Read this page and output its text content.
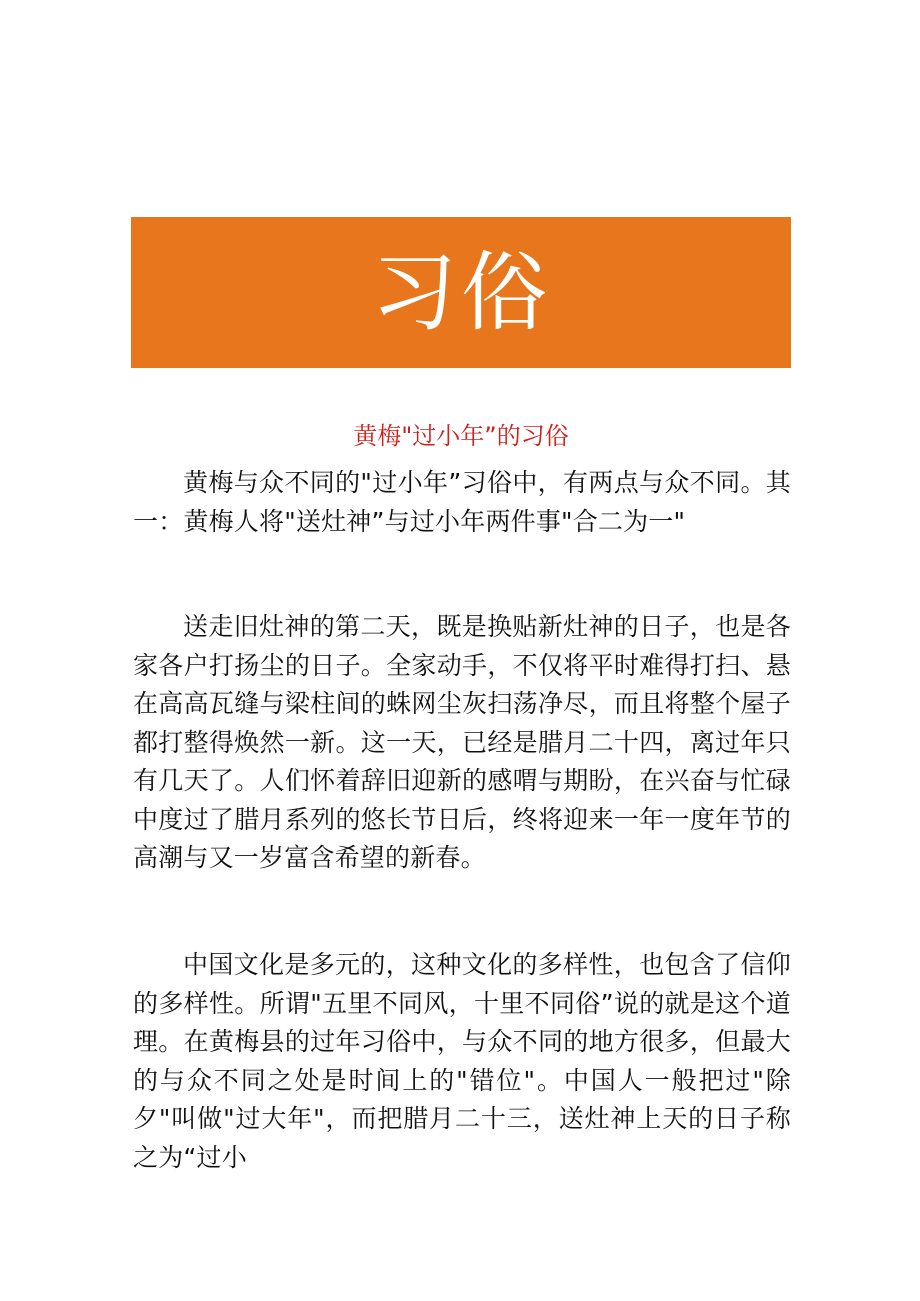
习俗
黄梅"过小年”的习俗

黄梅与众不同的"过小年”习俗中，有两点与众不同。其一：黄梅人将"送灶神”与过小年两件事"合二为一"

送走旧灶神的第二天，既是换贴新灶神的日子，也是各家各户打扬尘的日子。全家动手，不仅将平时难得打扫、悬在高高瓦缝与梁柱间的蛛网尘灰扫荡净尽，而且将整个屋子都打整得焕然一新。这一天，已经是腊月二十四，离过年只有几天了。人们怀着辞旧迎新的感喟与期盼，在兴奋与忙碌中度过了腊月系列的悠长节日后，终将迎来一年一度年节的高潮与又一岁富含希望的新春。

中国文化是多元的，这种文化的多样性，也包含了信仰的多样性。所谓"五里不同风，十里不同俗”说的就是这个道理。在黄梅县的过年习俗中，与众不同的地方很多，但最大的与众不同之处是时间上的"错位"。中国人一般把过"除夕"叫做"过大年"，而把腊月二十三，送灶神上天的日子称之为“过小
